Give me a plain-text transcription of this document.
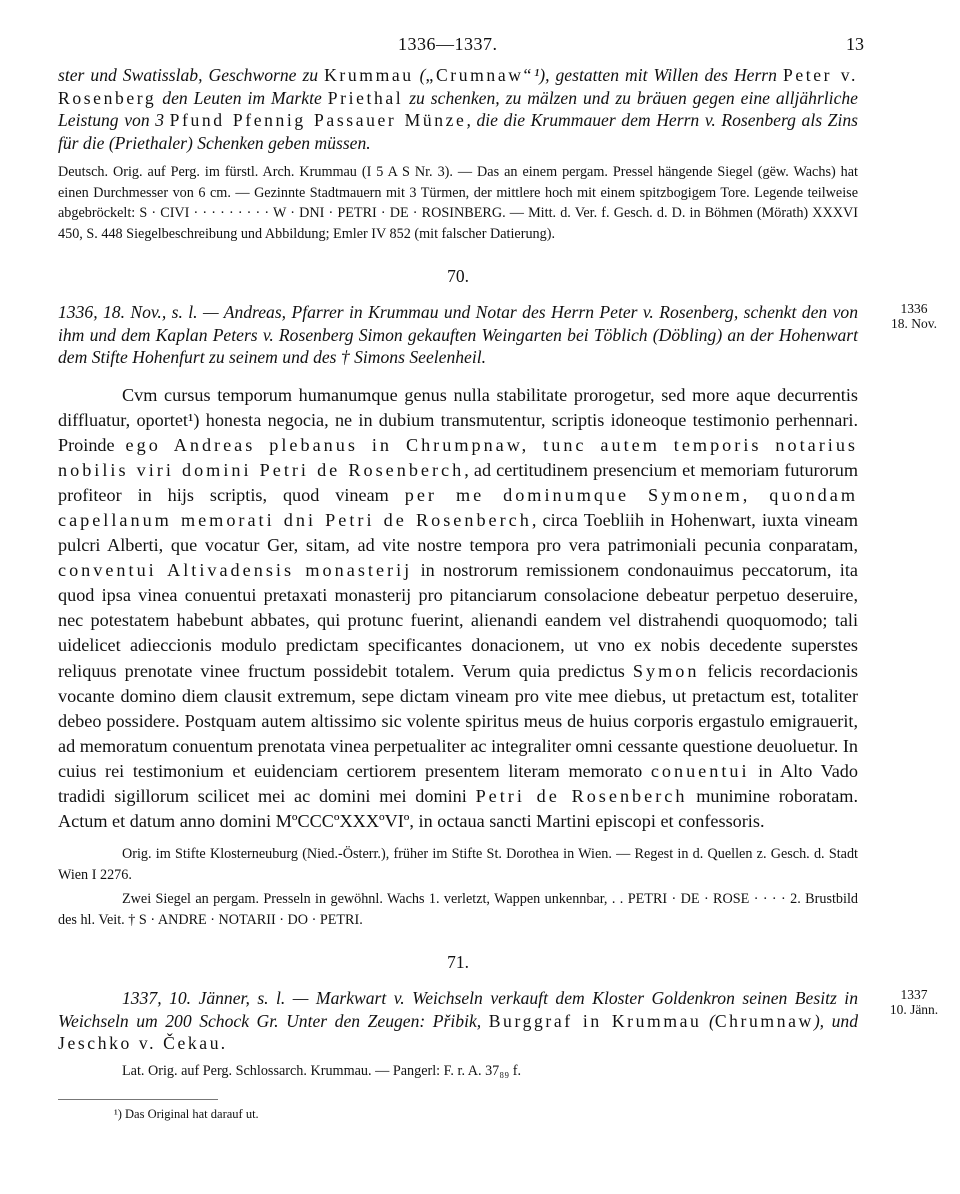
1336—1337.	13
ster und Swatisslab, Geschworne zu Krummau („Crumnaw“¹), gestatten mit Willen des Herrn Peter v. Rosenberg den Leuten im Markte Priethal zu schenken, zu mälzen und zu bräuen gegen eine alljährliche Leistung von 3 Pfund Pfennig Passauer Münze, die die Krummauer dem Herrn v. Rosenberg als Zins für die (Priethaler) Schenken geben müssen.
Deutsch. Orig. auf Perg. im fürstl. Arch. Krummau (I 5 A S Nr. 3). — Das an einem pergam. Pressel hängende Siegel (gëw. Wachs) hat einen Durchmesser von 6 cm. — Gezinnte Stadtmauern mit 3 Türmen, der mittlere hoch mit einem spitzbogigem Tore. Legende teilweise abgebröckelt: S · CIVI · · · · · · · · · W · DNI · PETRI · DE · ROSINBERG. — Mitt. d. Ver. f. Gesch. d. D. in Böhmen (Mörath) XXXVI 450, S. 448 Siegelbeschreibung und Abbildung; Emler IV 852 (mit falscher Datierung).
70.
1336
18. Nov.
1336, 18. Nov., s. l. — Andreas, Pfarrer in Krummau und Notar des Herrn Peter v. Rosenberg, schenkt den von ihm und dem Kaplan Peters v. Rosenberg Simon gekauften Weingarten bei Töblich (Döbling) an der Hohenwart dem Stifte Hohenfurt zu seinem und des † Simons Seelenheil.
Cvm cursus temporum humanumque genus nulla stabilitate prorogetur, sed more aque decurrentis diffluatur, oportet¹) honesta negocia, ne in dubium transmutentur, scriptis idoneoque testimonio perhennari. Proinde ego Andreas plebanus in Chrumpnaw, tunc autem temporis notarius nobilis viri domini Petri de Rosenberch, ad certitudinem presencium et memoriam futurorum profiteor in hijs scriptis, quod vineam per me dominumque Symonem, quondam capellanum memorati dni Petri de Rosenberch, circa Toebliih in Hohenwart, iuxta vineam pulcri Alberti, que vocatur Ger, sitam, ad vite nostre tempora pro vera patrimoniali pecunia conparatam, conventui Altivadensis monasterij in nostrorum remissionem condonauimus peccatorum, ita quod ipsa vinea conuentui pretaxati monasterij pro pitanciarum consolacione debeatur perpetuo deseruire, nec potestatem habebunt abbates, qui protunc fuerint, alienandi eandem vel distrahendi quoquomodo; tali uidelicet adieccionis modulo predictam specificantes donacionem, ut vno ex nobis decedente superstes reliquus prenotate vinee fructum possidebit totalem. Verum quia predictus Symon felicis recordacionis vocante domino diem clausit extremum, sepe dictam vineam pro vite mee diebus, ut pretactum est, totaliter debeo possidere. Postquam autem altissimo sic volente spiritus meus de huius corporis ergastulo emigrauerit, ad memoratum conuentum prenotata vinea perpetualiter ac integraliter omni cessante questione deuoluetur. In cuius rei testimonium et euidenciam certiorem presentem literam memorato conuentui in Alto Vado tradidi sigillorum scilicet mei ac domini mei domini Petri de Rosenberch munimine roboratam. Actum et datum anno domini MºCCCºXXXºVIº, in octaua sancti Martini episcopi et confessoris.
Orig. im Stifte Klosterneuburg (Nied.-Österr.), früher im Stifte St. Dorothea in Wien. — Regest in d. Quellen z. Gesch. d. Stadt Wien I 2276.
Zwei Siegel an pergam. Presseln in gewöhnl. Wachs 1. verletzt, Wappen unkennbar, . . PETRI · DE · ROSE · · · · 2. Brustbild des hl. Veit. † S · ANDRE · NOTARII · DO · PETRI.
71.
1337
10. Jänn.
1337, 10. Jänner, s. l. — Markwart v. Weichseln verkauft dem Kloster Goldenkron seinen Besitz in Weichseln um 200 Schock Gr. Unter den Zeugen: Přibik, Burggraf in Krummau (Chrumnaw), und Jeschko v. Čekau.
Lat. Orig. auf Perg. Schlossarch. Krummau. — Pangerl: F. r. A. 37₈₉ f.
¹) Das Original hat darauf ut.
